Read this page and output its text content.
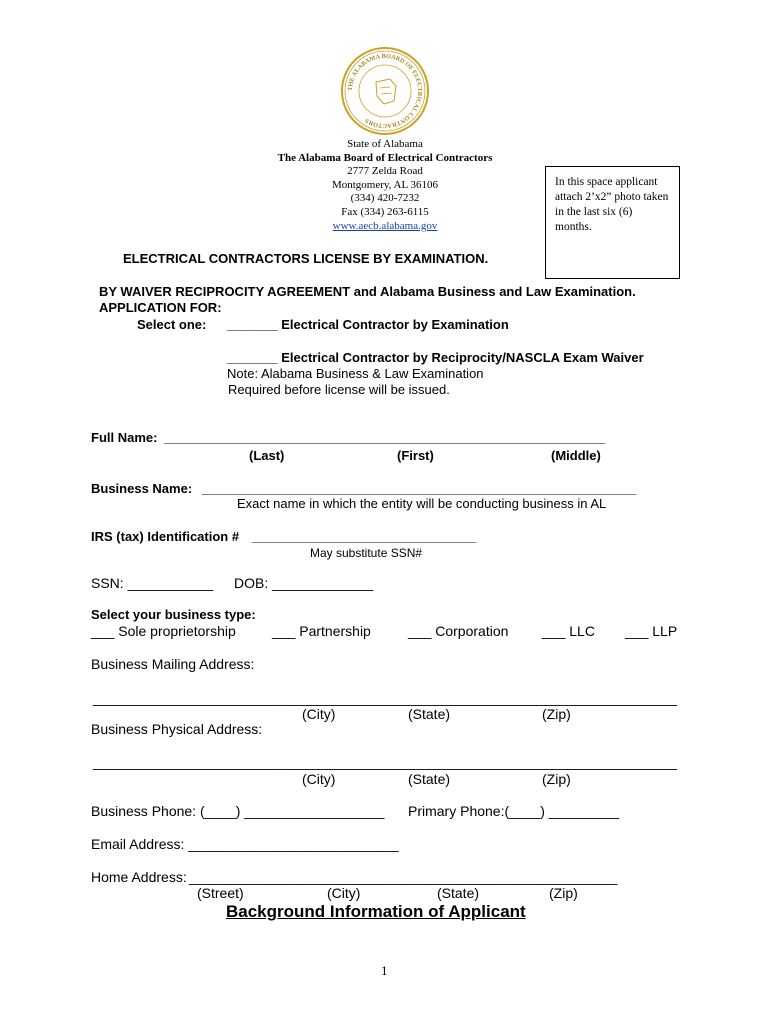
THE ALABAMA BOARD OF ELECTRICAL CONTRACTORS
State of Alabama
The Alabama Board of Electrical Contractors
2777 Zelda Road
Montgomery, AL 36106
(334) 420-7232
Fax (334) 263-6115
www.aecb.alabama.gov
In this space applicant attach 2’x2” photo taken in the last six (6) months.
ELECTRICAL CONTRACTORS LICENSE BY EXAMINATION.
BY WAIVER RECIPROCITY AGREEMENT and Alabama Business and Law Examination.
APPLICATION FOR:
Select one: _______ Electrical Contractor by Examination
_______ Electrical Contractor by Reciprocity/NASCLA Exam Waiver
Note: Alabama Business & Law Examination
Required before license will be issued.
Full Name: _____________________________________________________________
(Last)	(First)	(Middle)
Business Name: ____________________________________________________________
Exact name in which the entity will be conducting business in AL
IRS (tax) Identification # _______________________________
May substitute SSN#
SSN: ___________ DOB: _____________
Select your business type:
___ Sole proprietorship	___ Partnership	___ Corporation ___ LLC ___ LLP
Business Mailing Address:
___________________________________________________________________________
(City)	(State)	(Zip)
Business Physical Address:
___________________________________________________________________________
(City)	(State)	(Zip)
Business Phone: (____) __________________ Primary Phone:(____) _________
Email Address: ___________________________
Home Address: _______________________________________________________
(Street)	(City)	(State)	(Zip)
Background Information of Applicant
1
